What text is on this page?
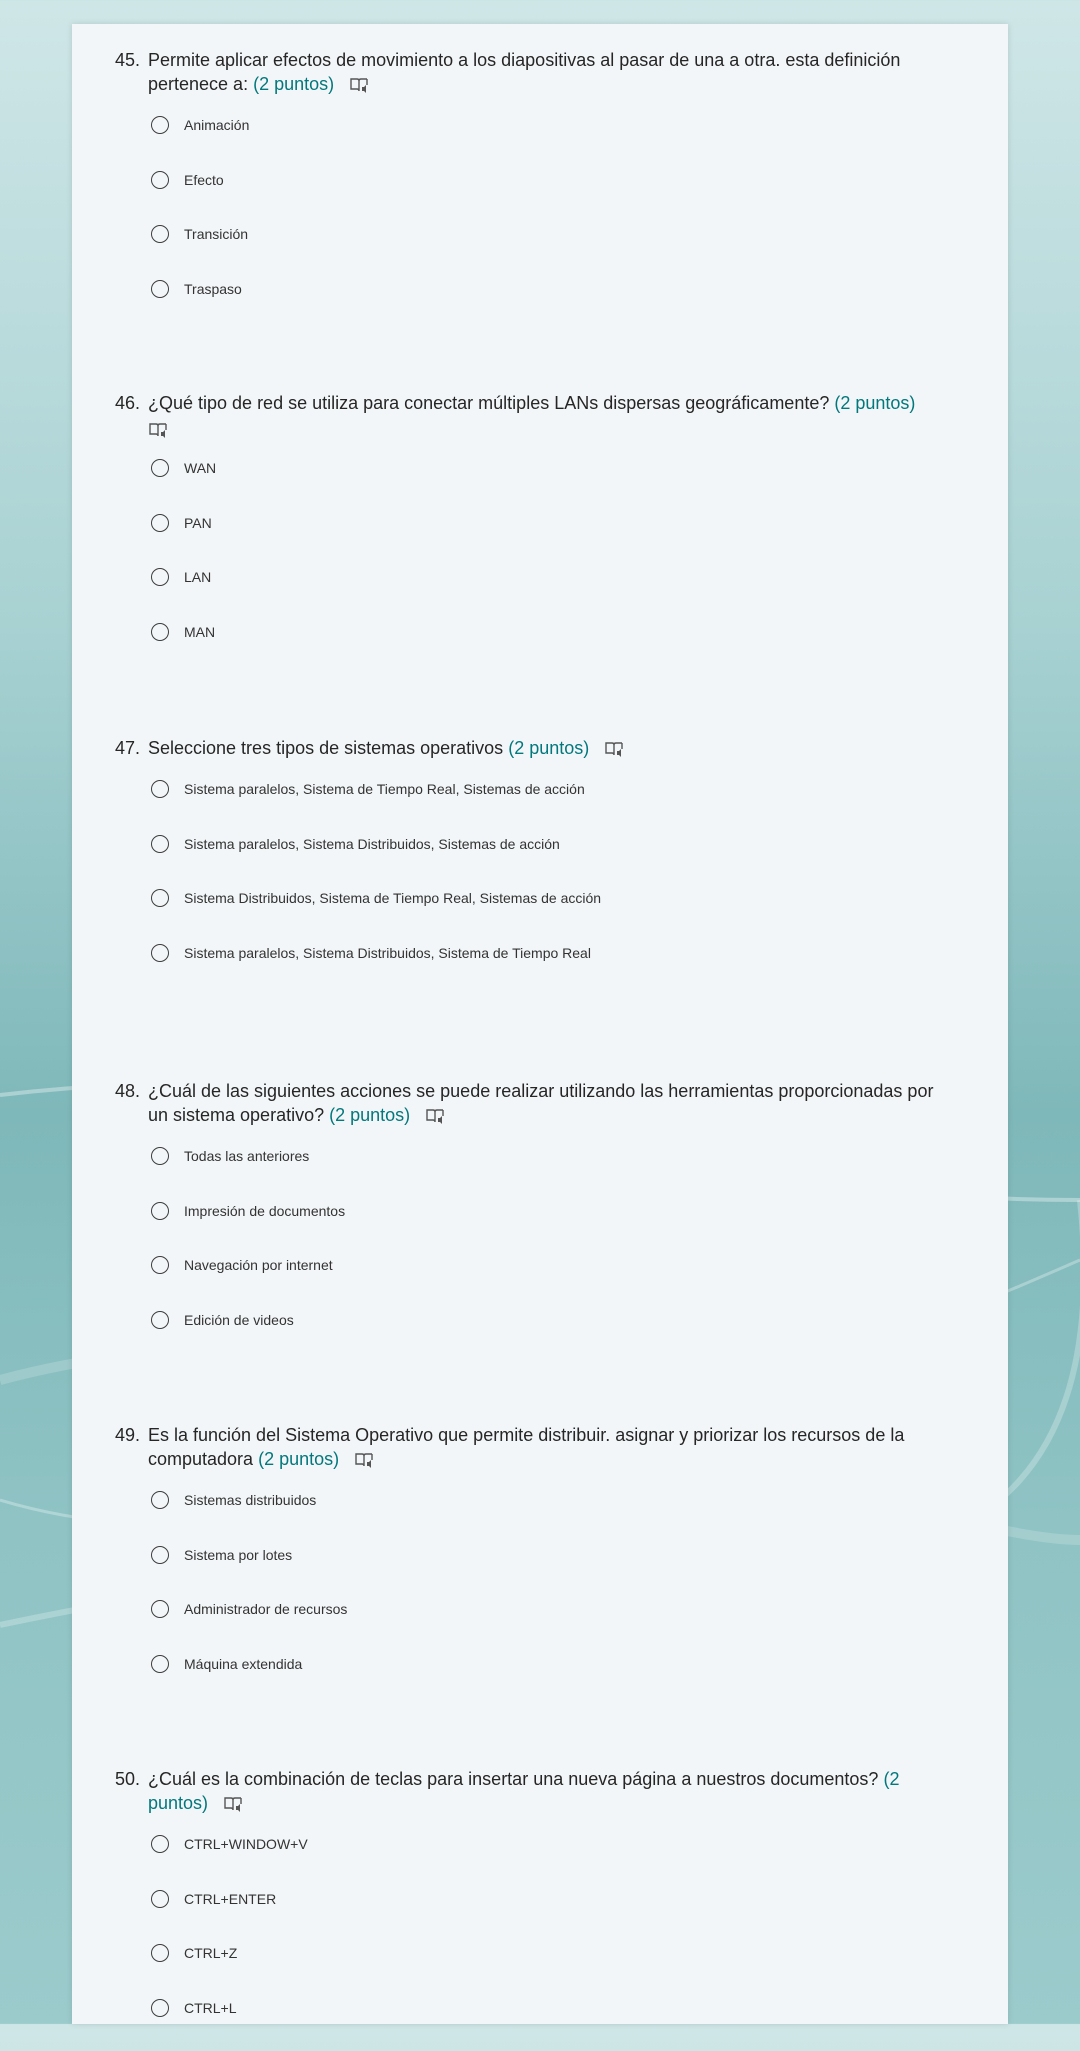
45. Permite aplicar efectos de movimiento a los diapositivas al pasar de una a otra. esta definición pertenece a: (2 puntos)
Animación
Efecto
Transición
Traspaso
46. ¿Qué tipo de red se utiliza para conectar múltiples LANs dispersas geográficamente? (2 puntos)
WAN
PAN
LAN
MAN
47. Seleccione tres tipos de sistemas operativos (2 puntos)
Sistema paralelos, Sistema de Tiempo Real, Sistemas de acción
Sistema paralelos, Sistema Distribuidos, Sistemas de acción
Sistema Distribuidos, Sistema de Tiempo Real, Sistemas de acción
Sistema paralelos, Sistema Distribuidos, Sistema de Tiempo Real
48. ¿Cuál de las siguientes acciones se puede realizar utilizando las herramientas proporcionadas por un sistema operativo? (2 puntos)
Todas las anteriores
Impresión de documentos
Navegación por internet
Edición de videos
49. Es la función del Sistema Operativo que permite distribuir. asignar y priorizar los recursos de la computadora (2 puntos)
Sistemas distribuidos
Sistema por lotes
Administrador de recursos
Máquina extendida
50. ¿Cuál es la combinación de teclas para insertar una nueva página a nuestros documentos? (2 puntos)
CTRL+WINDOW+V
CTRL+ENTER
CTRL+Z
CTRL+L
